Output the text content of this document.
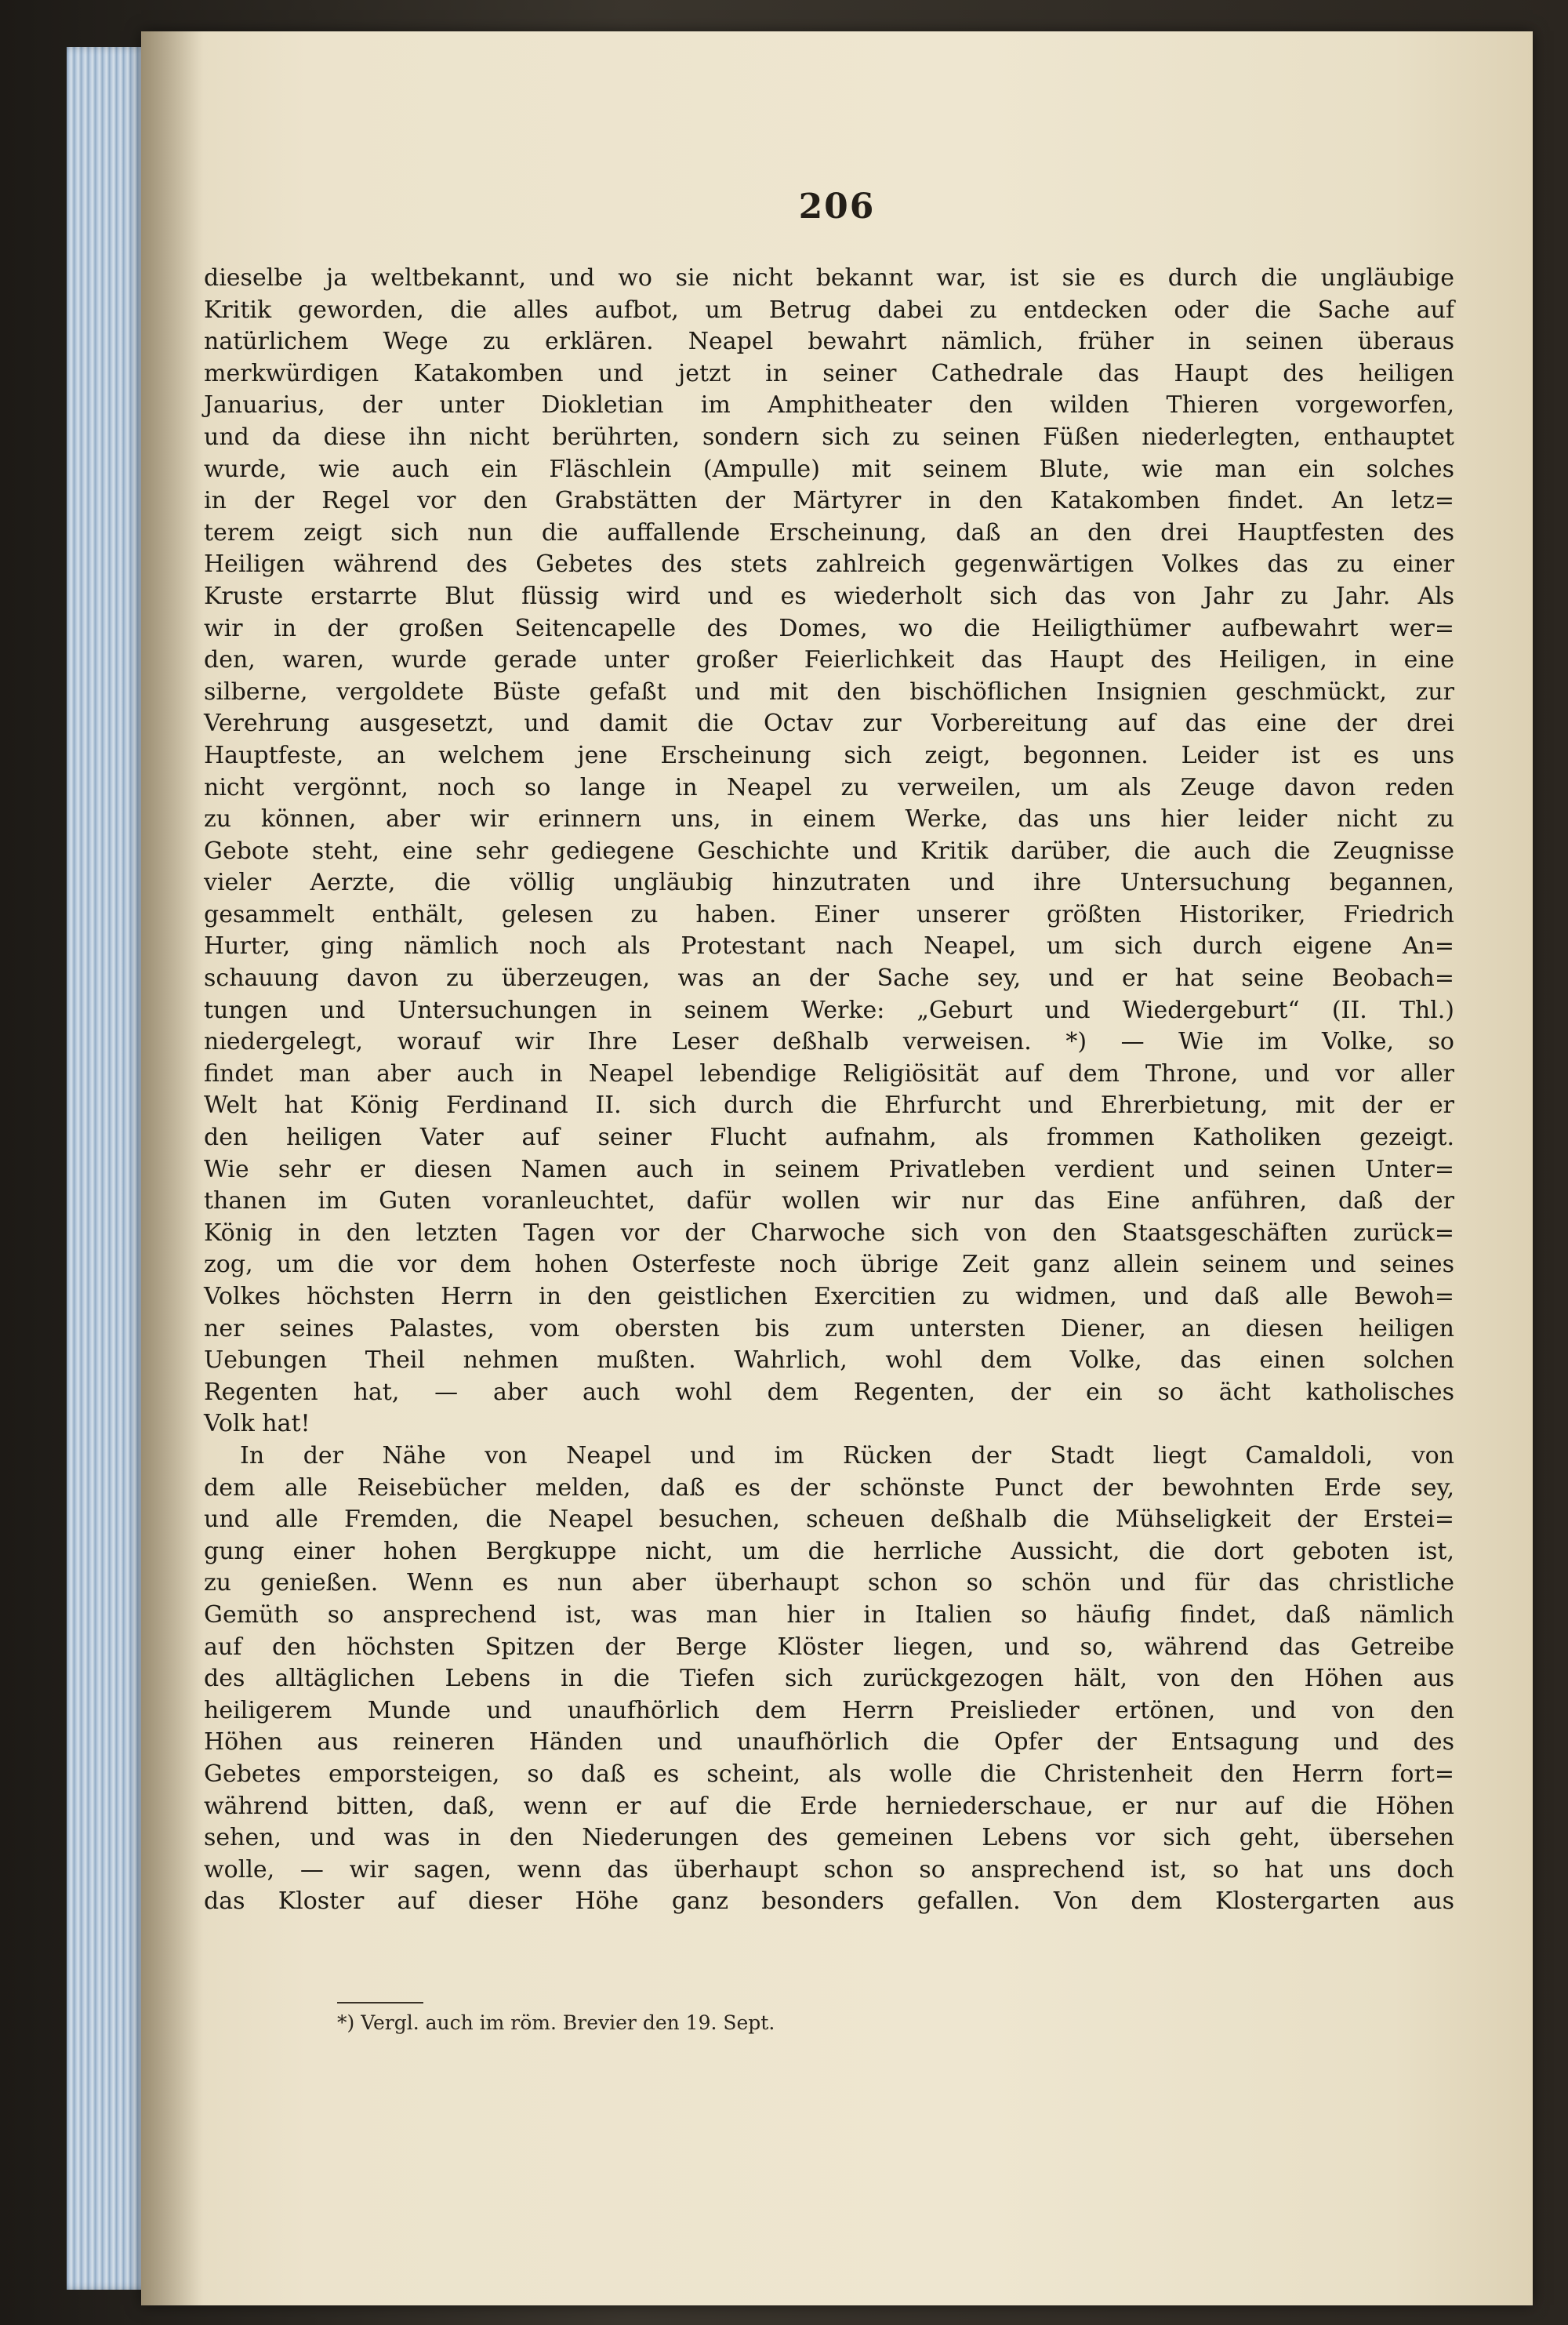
206
dieselbe ja weltbekannt, und wo sie nicht bekannt war, ist sie es durch die ungläubige
Kritik geworden, die alles aufbot, um Betrug dabei zu entdecken oder die Sache auf
natürlichem Wege zu erklären. Neapel bewahrt nämlich, früher in seinen überaus
merkwürdigen Katakomben und jetzt in seiner Cathedrale das Haupt des heiligen
Januarius, der unter Diokletian im Amphitheater den wilden Thieren vorgeworfen,
und da diese ihn nicht berührten, sondern sich zu seinen Füßen niederlegten, enthauptet
wurde, wie auch ein Fläschlein (Ampulle) mit seinem Blute, wie man ein solches
in der Regel vor den Grabstätten der Märtyrer in den Katakomben findet. An letz=
terem zeigt sich nun die auffallende Erscheinung, daß an den drei Hauptfesten des
Heiligen während des Gebetes des stets zahlreich gegenwärtigen Volkes das zu einer
Kruste erstarrte Blut flüssig wird und es wiederholt sich das von Jahr zu Jahr. Als
wir in der großen Seitencapelle des Domes, wo die Heiligthümer aufbewahrt wer=
den, waren, wurde gerade unter großer Feierlichkeit das Haupt des Heiligen, in eine
silberne, vergoldete Büste gefaßt und mit den bischöflichen Insignien geschmückt, zur
Verehrung ausgesetzt, und damit die Octav zur Vorbereitung auf das eine der drei
Hauptfeste, an welchem jene Erscheinung sich zeigt, begonnen. Leider ist es uns
nicht vergönnt, noch so lange in Neapel zu verweilen, um als Zeuge davon reden
zu können, aber wir erinnern uns, in einem Werke, das uns hier leider nicht zu
Gebote steht, eine sehr gediegene Geschichte und Kritik darüber, die auch die Zeugnisse
vieler Aerzte, die völlig ungläubig hinzutraten und ihre Untersuchung begannen,
gesammelt enthält, gelesen zu haben. Einer unserer größten Historiker, Friedrich
Hurter, ging nämlich noch als Protestant nach Neapel, um sich durch eigene An=
schauung davon zu überzeugen, was an der Sache sey, und er hat seine Beobach=
tungen und Untersuchungen in seinem Werke: „Geburt und Wiedergeburt“ (II. Thl.)
niedergelegt, worauf wir Ihre Leser deßhalb verweisen. *) — Wie im Volke, so
findet man aber auch in Neapel lebendige Religiösität auf dem Throne, und vor aller
Welt hat König Ferdinand II. sich durch die Ehrfurcht und Ehrerbietung, mit der er
den heiligen Vater auf seiner Flucht aufnahm, als frommen Katholiken gezeigt.
Wie sehr er diesen Namen auch in seinem Privatleben verdient und seinen Unter=
thanen im Guten voranleuchtet, dafür wollen wir nur das Eine anführen, daß der
König in den letzten Tagen vor der Charwoche sich von den Staatsgeschäften zurück=
zog, um die vor dem hohen Osterfeste noch übrige Zeit ganz allein seinem und seines
Volkes höchsten Herrn in den geistlichen Exercitien zu widmen, und daß alle Bewoh=
ner seines Palastes, vom obersten bis zum untersten Diener, an diesen heiligen
Uebungen Theil nehmen mußten. Wahrlich, wohl dem Volke, das einen solchen
Regenten hat, — aber auch wohl dem Regenten, der ein so ächt katholisches
Volk hat!
In der Nähe von Neapel und im Rücken der Stadt liegt Camaldoli, von
dem alle Reisebücher melden, daß es der schönste Punct der bewohnten Erde sey,
und alle Fremden, die Neapel besuchen, scheuen deßhalb die Mühseligkeit der Erstei=
gung einer hohen Bergkuppe nicht, um die herrliche Aussicht, die dort geboten ist,
zu genießen. Wenn es nun aber überhaupt schon so schön und für das christliche
Gemüth so ansprechend ist, was man hier in Italien so häufig findet, daß nämlich
auf den höchsten Spitzen der Berge Klöster liegen, und so, während das Getreibe
des alltäglichen Lebens in die Tiefen sich zurückgezogen hält, von den Höhen aus
heiligerem Munde und unaufhörlich dem Herrn Preislieder ertönen, und von den
Höhen aus reineren Händen und unaufhörlich die Opfer der Entsagung und des
Gebetes emporsteigen, so daß es scheint, als wolle die Christenheit den Herrn fort=
während bitten, daß, wenn er auf die Erde herniederschaue, er nur auf die Höhen
sehen, und was in den Niederungen des gemeinen Lebens vor sich geht, übersehen
wolle, — wir sagen, wenn das überhaupt schon so ansprechend ist, so hat uns doch
das Kloster auf dieser Höhe ganz besonders gefallen. Von dem Klostergarten aus
*) Vergl. auch im röm. Brevier den 19. Sept.
